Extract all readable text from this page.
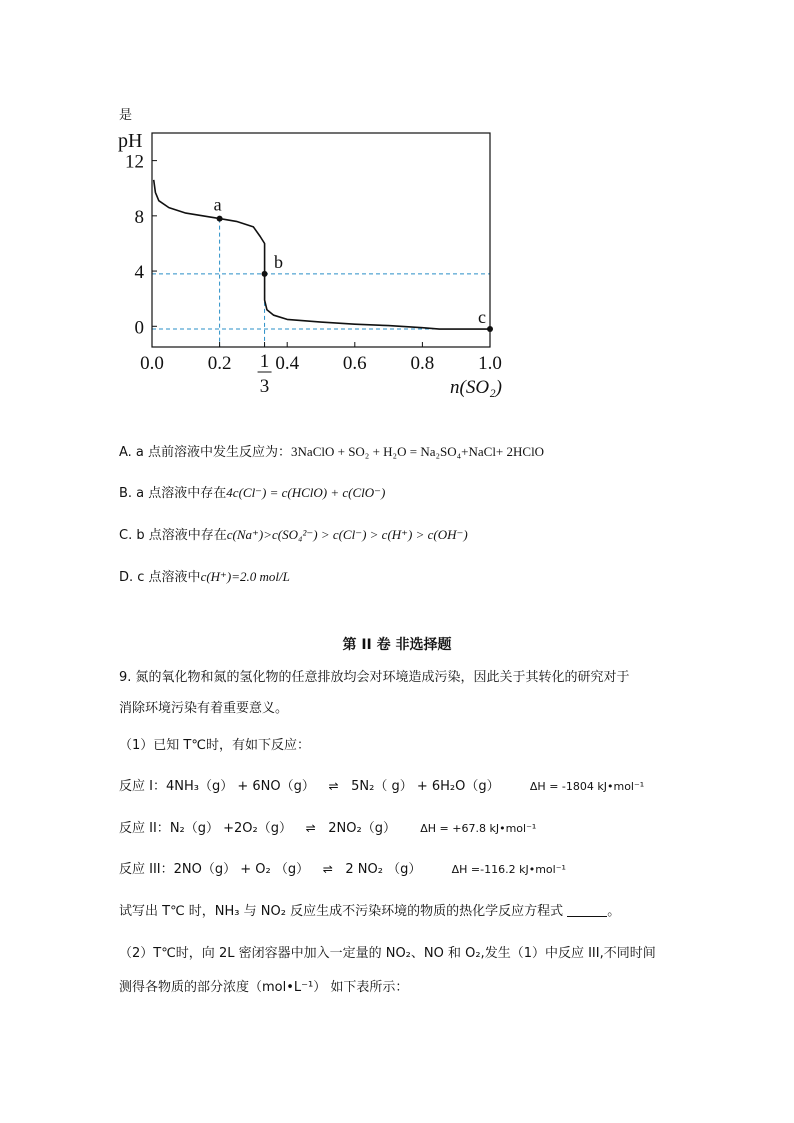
是
12
8
4
0
0.0 0.2 0.4 0.6 0.8 1.0
1
3
pH
n(SO₂)
a
b
c
A. a 点前溶液中发生反应为：3NaClO + SO₂ + H₂O = Na₂SO₄+NaCl+ 2HClO
B. a 点溶液中存在4c(Cl⁻) = c(HClO) + c(ClO⁻)
C. b 点溶液中存在c(Na⁺)>c(SO₄²⁻) > c(Cl⁻) > c(H⁺) > c(OH⁻)
D. c 点溶液中c(H⁺)=2.0 mol/L
第 II 卷 非选择题
9. 氮的氧化物和氮的氢化物的任意排放均会对环境造成污染，因此关于其转化的研究对于
消除环境污染有着重要意义。
（1）已知 T℃时，有如下反应：
反应 I：4NH₃（g） + 6NO（g） ⇌ 5N₂（ g） + 6H₂O（g）	ΔH = -1804 kJ•mol⁻¹
反应 II：N₂（g） +2O₂（g） ⇌ 2NO₂（g） ΔH = +67.8 kJ•mol⁻¹
反应 III：2NO（g） + O₂ （g） ⇌ 2 NO₂ （g）	ΔH =-116.2 kJ•mol⁻¹
试写出 T℃ 时，NH₃ 与 NO₂ 反应生成不污染环境的物质的热化学反应方程式	。
（2）T℃时，向 2L 密闭容器中加入一定量的 NO₂、NO 和 O₂,发生（1）中反应 III,不同时间
测得各物质的部分浓度（mol•L⁻¹） 如下表所示：
